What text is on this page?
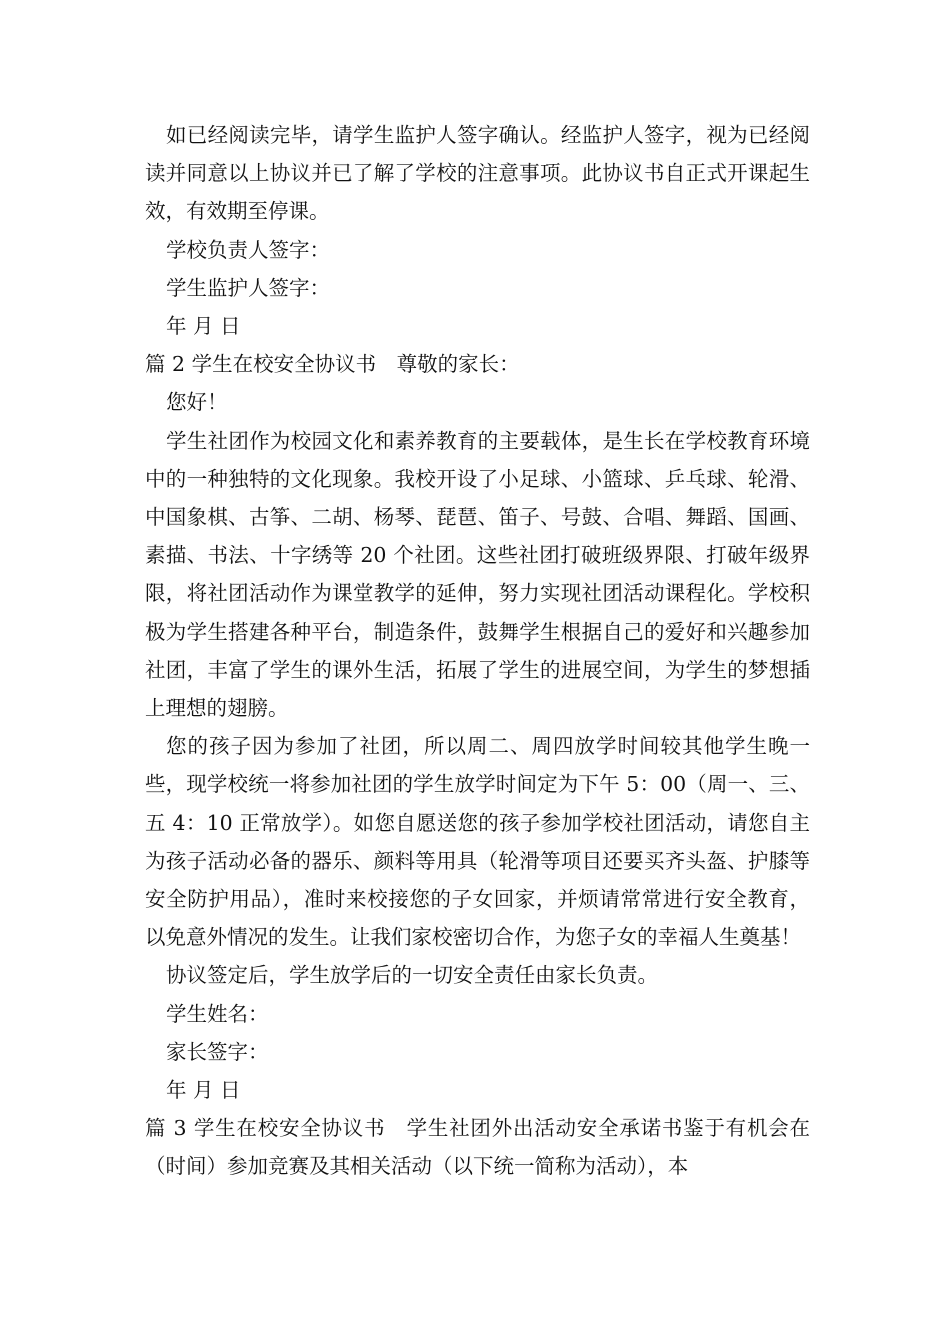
如已经阅读完毕，请学生监护人签字确认。经监护人签字，视为已经阅读并同意以上协议并已了解了学校的注意事项。此协议书自正式开课起生效，有效期至停课。

学校负责人签字：

学生监护人签字：

年 月 日

篇 2 学生在校安全协议书　尊敬的家长：

您好！

学生社团作为校园文化和素养教育的主要载体，是生长在学校教育环境中的一种独特的文化现象。我校开设了小足球、小篮球、乒乓球、轮滑、中国象棋、古筝、二胡、杨琴、琵琶、笛子、号鼓、合唱、舞蹈、国画、素描、书法、十字绣等 20 个社团。这些社团打破班级界限、打破年级界限，将社团活动作为课堂教学的延伸，努力实现社团活动课程化。学校积极为学生搭建各种平台，制造条件，鼓舞学生根据自己的爱好和兴趣参加社团，丰富了学生的课外生活，拓展了学生的进展空间，为学生的梦想插上理想的翅膀。

您的孩子因为参加了社团，所以周二、周四放学时间较其他学生晚一些，现学校统一将参加社团的学生放学时间定为下午 5：00（周一、三、五 4：10 正常放学）。如您自愿送您的孩子参加学校社团活动，请您自主为孩子活动必备的器乐、颜料等用具（轮滑等项目还要买齐头盔、护膝等安全防护用品），准时来校接您的子女回家，并烦请常常进行安全教育，以免意外情况的发生。让我们家校密切合作，为您子女的幸福人生奠基！

协议签定后，学生放学后的一切安全责任由家长负责。

学生姓名：

家长签字：

年 月 日

篇 3 学生在校安全协议书　学生社团外出活动安全承诺书鉴于有机会在（时间）参加竞赛及其相关活动（以下统一简称为活动），本
